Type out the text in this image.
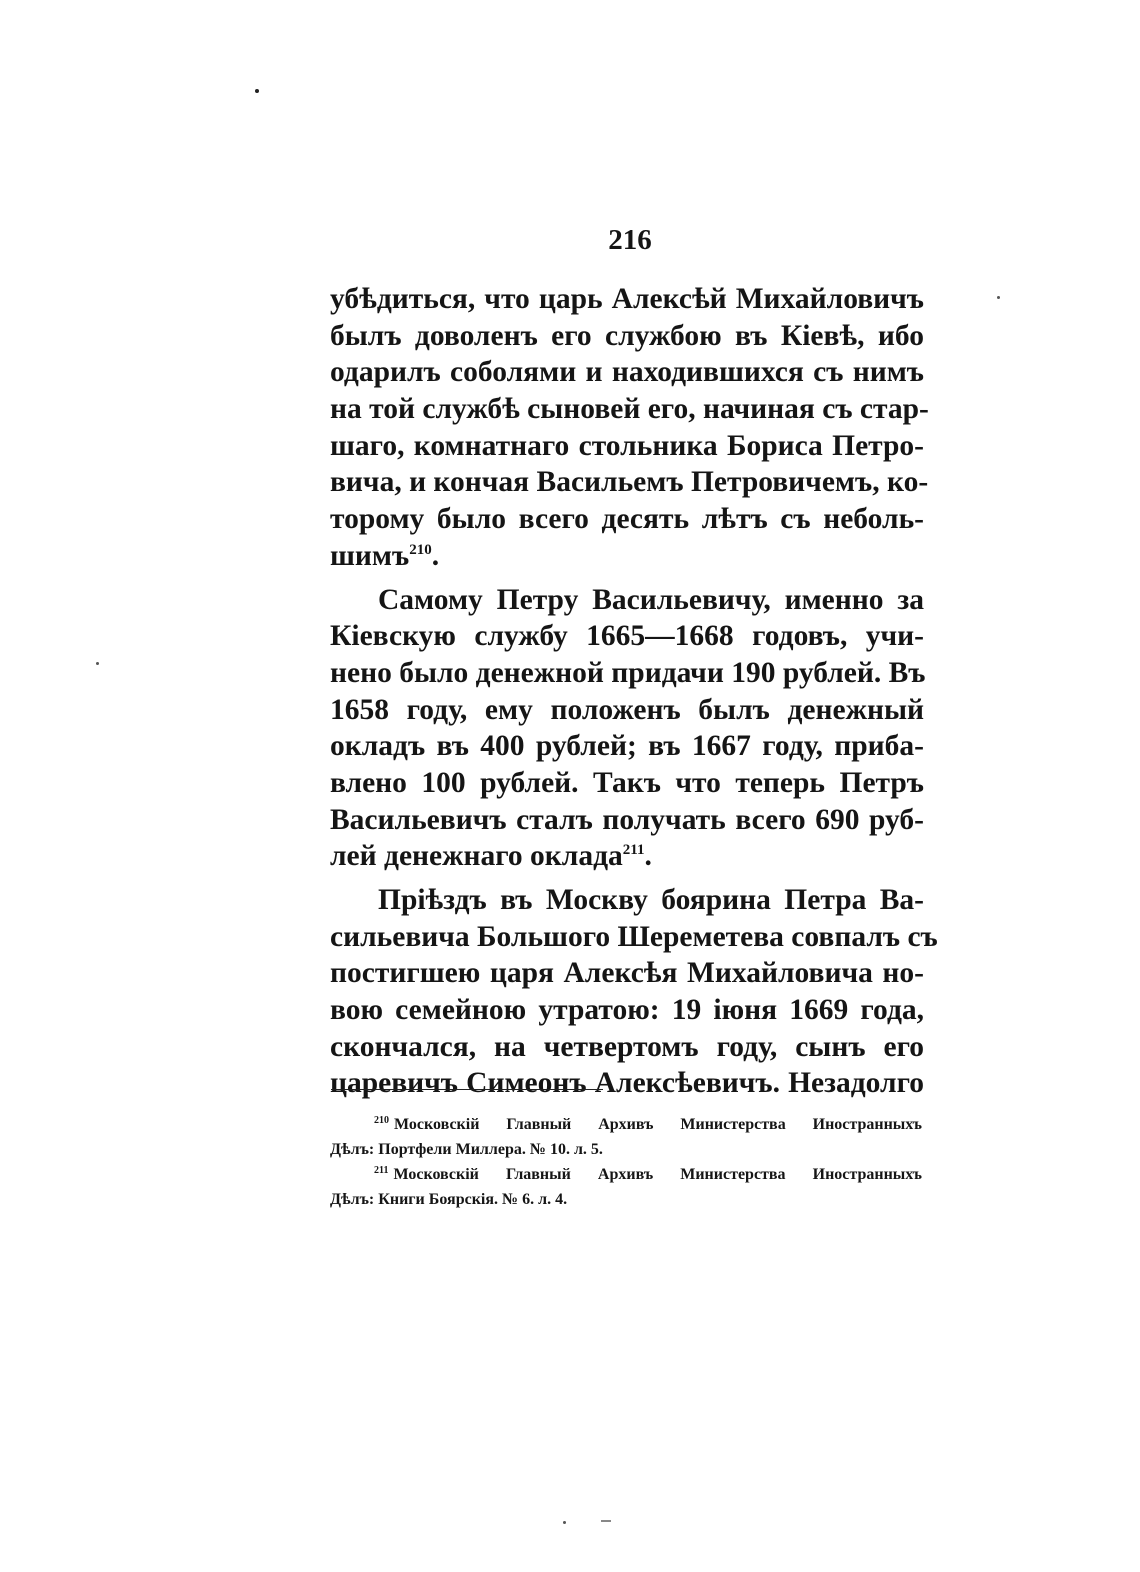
216
убѣдиться, что царь Алексѣй Михайловичъ
былъ доволенъ его службою въ Кіевѣ, ибо
одарилъ соболями и находившихся съ нимъ
на той службѣ сыновей его, начиная съ стар-
шаго, комнатнаго стольника Бориса Петро-
вича, и кончая Васильемъ Петровичемъ, ко-
торому было всего десять лѣтъ съ неболь-
шимъ$^{210}$.
Самому Петру Васильевичу, именно за
Кіевскую службу 1665—1668 годовъ, учи-
нено было денежной придачи 190 рублей. Въ
1658 году, ему положенъ былъ денежный
окладъ въ 400 рублей; въ 1667 году, приба-
влено 100 рублей. Такъ что теперь Петръ
Васильевичъ сталъ получать всего 690 руб-
лей денежнаго оклада$^{211}$.
Пріѣздъ въ Москву боярина Петра Ва-
сильевича Большого Шереметева совпалъ съ
постигшею царя Алексѣя Михайловича но-
вою семейною утратою: 19 іюня 1669 года,
скончался, на четвертомъ году, сынъ его
царевичъ Симеонъ Алексѣевичъ. Незадолго
$^{210}$ Московскій Главный Архивъ Министерства Иностранныхъ
Дѣлъ: Портфели Миллера. № 10. л. 5.
$^{211}$ Московскій Главный Архивъ Министерства Иностранныхъ
Дѣлъ: Книги Боярскія. № 6. л. 4.
